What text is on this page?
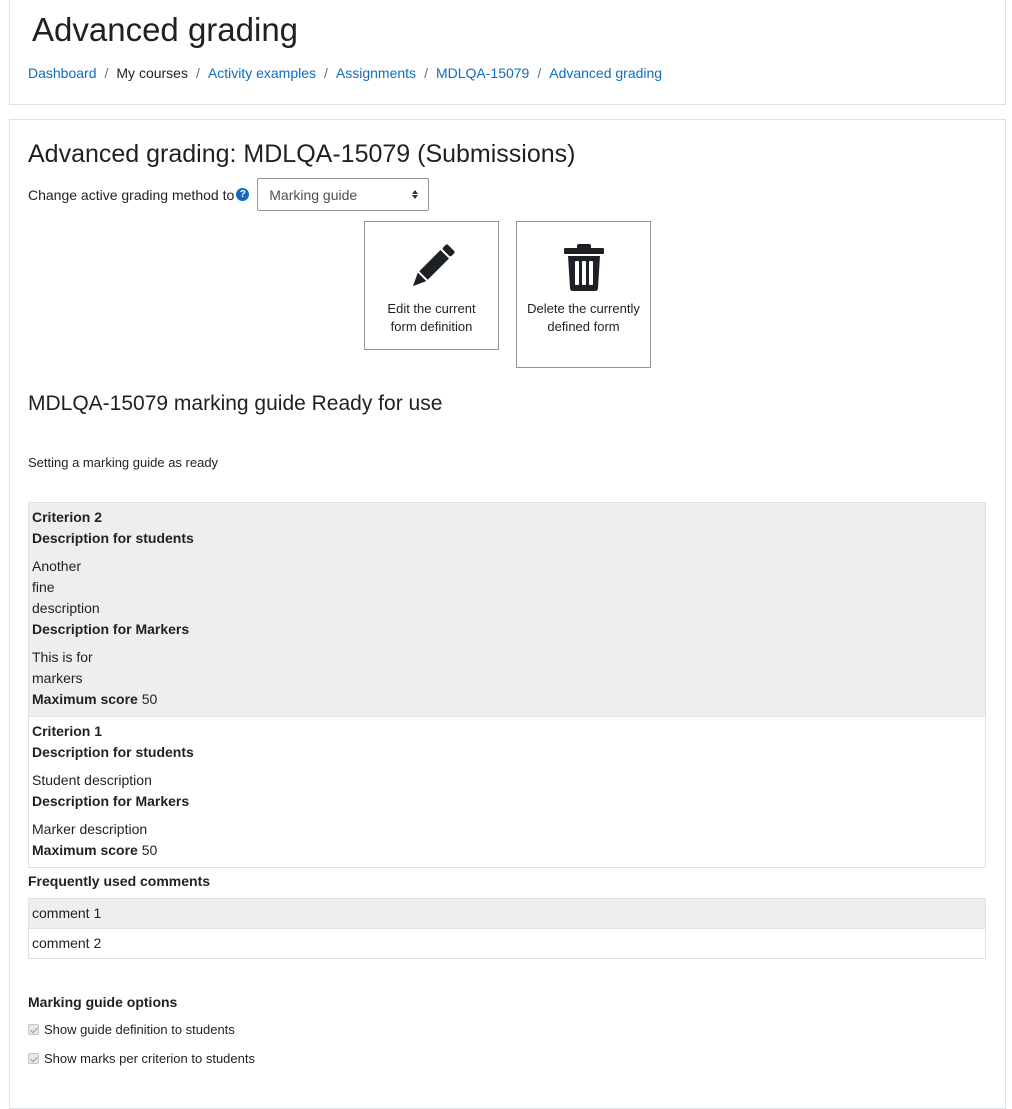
Advanced grading
Dashboard / My courses / Activity examples / Assignments / MDLQA-15079 / Advanced grading
Advanced grading: MDLQA-15079 (Submissions)
Change active grading method to ? Marking guide
Edit the current form definition
Delete the currently defined form
MDLQA-15079 marking guide Ready for use
Setting a marking guide as ready
Criterion 2
Description for students
Another fine description
Description for Markers
This is for markers
Maximum score 50
Criterion 1
Description for students
Student description
Description for Markers
Marker description
Maximum score 50
Frequently used comments
comment 1
comment 2
Marking guide options
Show guide definition to students
Show marks per criterion to students
